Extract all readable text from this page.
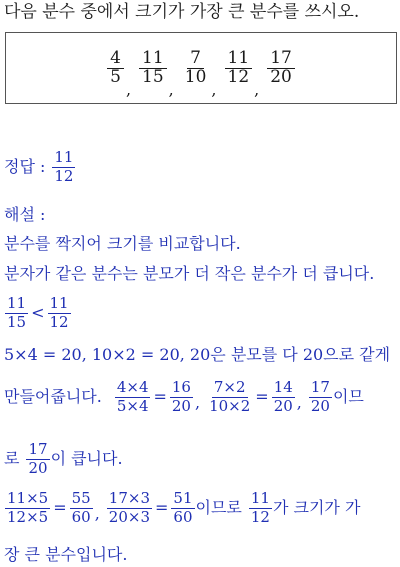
다음 분수 중에서 크기가 가장 큰 분수를 쓰시오.
$\frac{4}{5}$
,
$\frac{11}{15}$
,
$\frac{7}{10}$
,
$\frac{11}{12}$
,
$\frac{17}{20}$
정답 : $\frac{11}{12}$
해설 :
분수를 짝지어 크기를 비교합니다.
분자가 같은 분수는 분모가 더 작은 분수가 더 큽니다.
$\frac{11}{15} < \frac{11}{12}$
5×4 = 20, 10×2 = 20, 20은 분모를 다 20으로 같게
만들어줍니다. $\frac{4\times 4}{5\times 4} = \frac{16}{20}$ , $\frac{7\times 2}{10\times 2} = \frac{14}{20}$ , $\frac{17}{20}$ 이므
로 $\frac{17}{20}$ 이 큽니다.
$\frac{11\times 5}{12\times 5} = \frac{55}{60}$ , $\frac{17\times 3}{20\times 3} = \frac{51}{60}$ 이므로 $\frac{11}{12}$ 가 크기가 가
장 큰 분수입니다.
